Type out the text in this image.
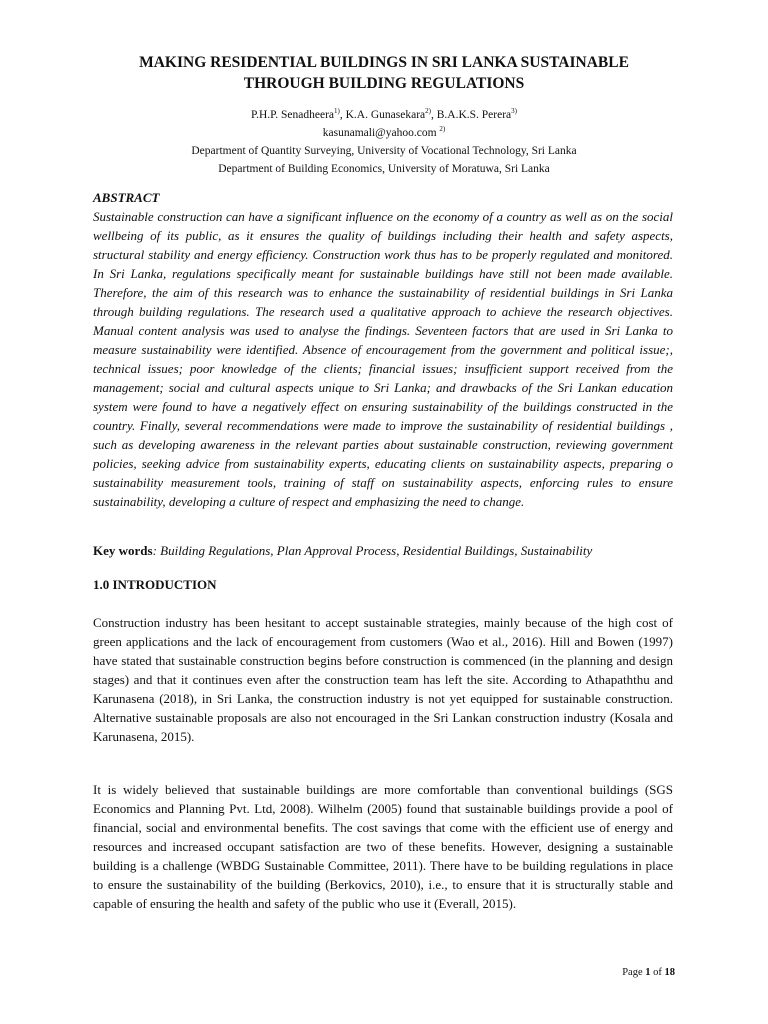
MAKING RESIDENTIAL BUILDINGS IN SRI LANKA SUSTAINABLE
THROUGH BUILDING REGULATIONS
P.H.P. Senadheera$^{1)}$, K.A. Gunasekara$^{2)}$, B.A.K.S. Perera$^{3)}$
kasunamali@yahoo.com $^{2)}$
Department of Quantity Surveying, University of Vocational Technology, Sri Lanka
Department of Building Economics, University of Moratuwa, Sri Lanka
ABSTRACT
Sustainable construction can have a significant influence on the economy of a country as well as on the social wellbeing of its public, as it ensures the quality of buildings including their health and safety aspects, structural stability and energy efficiency. Construction work thus has to be properly regulated and monitored. In Sri Lanka, regulations specifically meant for sustainable buildings have still not been made available. Therefore, the aim of this research was to enhance the sustainability of residential buildings in Sri Lanka through building regulations. The research used a qualitative approach to achieve the research objectives. Manual content analysis was used to analyse the findings. Seventeen factors that are used in Sri Lanka to measure sustainability were identified. Absence of encouragement from the government and political issue;, technical issues; poor knowledge of the clients; financial issues; insufficient support received from the management; social and cultural aspects unique to Sri Lanka; and drawbacks of the Sri Lankan education system were found to have a negatively effect on ensuring sustainability of the buildings constructed in the country. Finally, several recommendations were made to improve the sustainability of residential buildings , such as developing awareness in the relevant parties about sustainable construction, reviewing government policies, seeking advice from sustainability experts, educating clients on sustainability aspects, preparing o sustainability measurement tools, training of staff on sustainability aspects, enforcing rules to ensure sustainability, developing a culture of respect and emphasizing the need to change.
Key words: Building Regulations, Plan Approval Process, Residential Buildings, Sustainability
1.0 INTRODUCTION
Construction industry has been hesitant to accept sustainable strategies, mainly because of the high cost of green applications and the lack of encouragement from customers (Wao et al., 2016). Hill and Bowen (1997) have stated that sustainable construction begins before construction is commenced (in the planning and design stages) and that it continues even after the construction team has left the site. According to Athapaththu and Karunasena (2018), in Sri Lanka, the construction industry is not yet equipped for sustainable construction. Alternative sustainable proposals are also not encouraged in the Sri Lankan construction industry (Kosala and Karunasena, 2015).
It is widely believed that sustainable buildings are more comfortable than conventional buildings (SGS Economics and Planning Pvt. Ltd, 2008). Wilhelm (2005) found that sustainable buildings provide a pool of financial, social and environmental benefits. The cost savings that come with the efficient use of energy and resources and increased occupant satisfaction are two of these benefits. However, designing a sustainable building is a challenge (WBDG Sustainable Committee, 2011). There have to be building regulations in place to ensure the sustainability of the building (Berkovics, 2010), i.e., to ensure that it is structurally stable and capable of ensuring the health and safety of the public who use it (Everall, 2015).
Page 1 of 18
